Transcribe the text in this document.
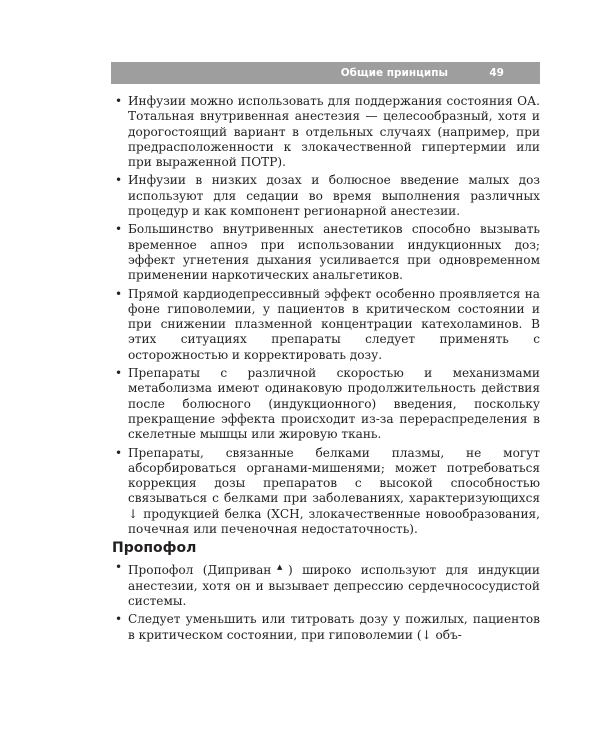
Общие принципы	49
• Инфузии можно использовать для поддержания состояния ОА. Тотальная внутривенная анестезия — целесообразный, хотя и дорогостоящий вариант в отдельных случаях (например, при предрасположенности к злокачественной гипертермии или при выраженной ПОТР).
• Инфузии в низких дозах и болюсное введение малых доз используют для седации во время выполнения различных процедур и как компонент регионарной анестезии.
• Большинство внутривенных анестетиков способно вызывать временное апноэ при использовании индукционных доз; эффект угнетения дыхания усиливается при одновременном применении наркотических анальгетиков.
• Прямой кардиодепрессивный эффект особенно проявляется на фоне гиповолемии, у пациентов в критическом состоянии и при снижении плазменной концентрации катехоламинов. В этих ситуациях препараты следует применять с осторожностью и корректировать дозу.
• Препараты с различной скоростью и механизмами метаболизма имеют одинаковую продолжительность действия после болюсного (индукционного) введения, поскольку прекращение эффекта происходит из-за перераспределения в скелетные мышцы или жировую ткань.
• Препараты, связанные белками плазмы, не могут абсорбироваться органами-мишенями; может потребоваться коррекция дозы препаратов с высокой способностью связываться с белками при заболеваниях, характеризующихся ↓ продукцией белка (ХСН, злокачественные новообразования, почечная или печеночная недостаточность).
Пропофол
• Пропофол (Диприван▲) широко используют для индукции анестезии, хотя он и вызывает депрессию сердечнососудистой системы.
• Следует уменьшить или титровать дозу у пожилых, пациентов в критическом состоянии, при гиповолемии (↓ объ-
